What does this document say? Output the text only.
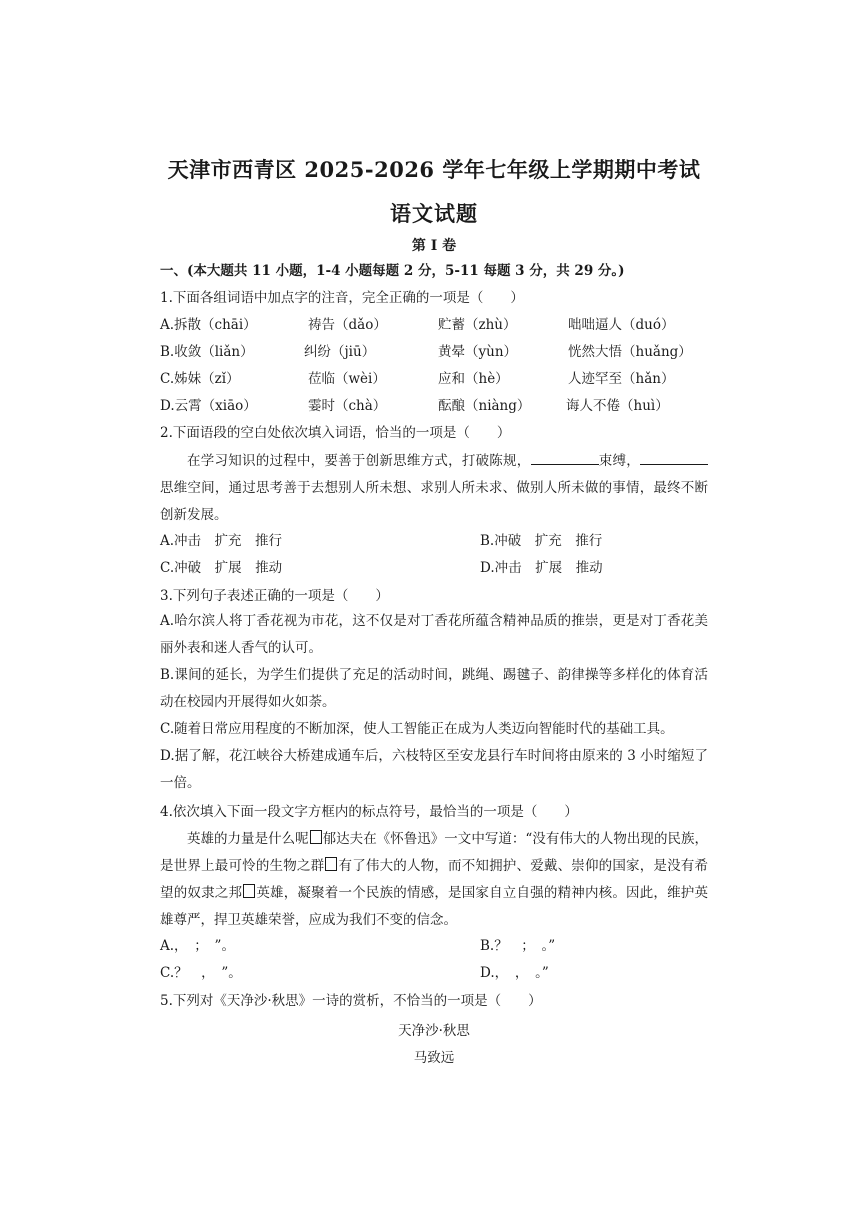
天津市西青区 2025-2026 学年七年级上学期期中考试
语文试题
第 I 卷
一、(本大题共 11 小题，1-4 小题每题 2 分，5-11 每题 3 分，共 29 分。)
1.下面各组词语中加点字的注音，完全正确的一项是（　　）
A.拆散（chāi）	祷告（dǎo）	贮蓄（zhù）	咄咄逼人（duó）
B.收敛（liǎn）	纠纷（jiū）	黄晕（yùn）	恍然大悟（huǎng）
C.姊妹（zǐ）	莅临（wèi）	应和（hè）	人迹罕至（hǎn）
D.云霄（xiāo）	霎时（chà）	酝酿（niàng）	诲人不倦（huì）
2.下面语段的空白处依次填入词语，恰当的一项是（　　）
在学习知识的过程中，要善于创新思维方式，打破陈规，	束缚，思维空间，通过思考善于去想别人所未想、求别人所未求、做别人所未做的事情，最终不断创新发展。
A.冲击　扩充　推行	B.冲破　扩充　推行
C.冲破　扩展　推动	D.冲击　扩展　推动
3.下列句子表述正确的一项是（　　）
A.哈尔滨人将丁香花视为市花，这不仅是对丁香花所蕴含精神品质的推崇，更是对丁香花美丽外表和迷人香气的认可。
B.课间的延长，为学生们提供了充足的活动时间，跳绳、踢毽子、韵律操等多样化的体育活动在校园内开展得如火如荼。
C.随着日常应用程度的不断加深，使人工智能正在成为人类迈向智能时代的基础工具。
D.据了解，花江峡谷大桥建成通车后，六枝特区至安龙县行车时间将由原来的 3 小时缩短了一倍。
4.依次填入下面一段文字方框内的标点符号，最恰当的一项是（　　）
英雄的力量是什么呢 郁达夫在《怀鲁迅》一文中写道：“没有伟大的人物出现的民族，是世界上最可怜的生物之群 有了伟大的人物，而不知拥护、爱戴、崇仰的国家，是没有希望的奴隶之邦 英雄，凝聚着一个民族的情感，是国家自立自强的精神内核。因此，维护英雄尊严，捍卫英雄荣誉，应成为我们不变的信念。
A.，　；　”。	B.？　；　。”
C.？　，　”。	D.，　，　。”
5.下列对《天净沙·秋思》一诗的赏析，不恰当的一项是（　　）
天净沙·秋思
马致远
